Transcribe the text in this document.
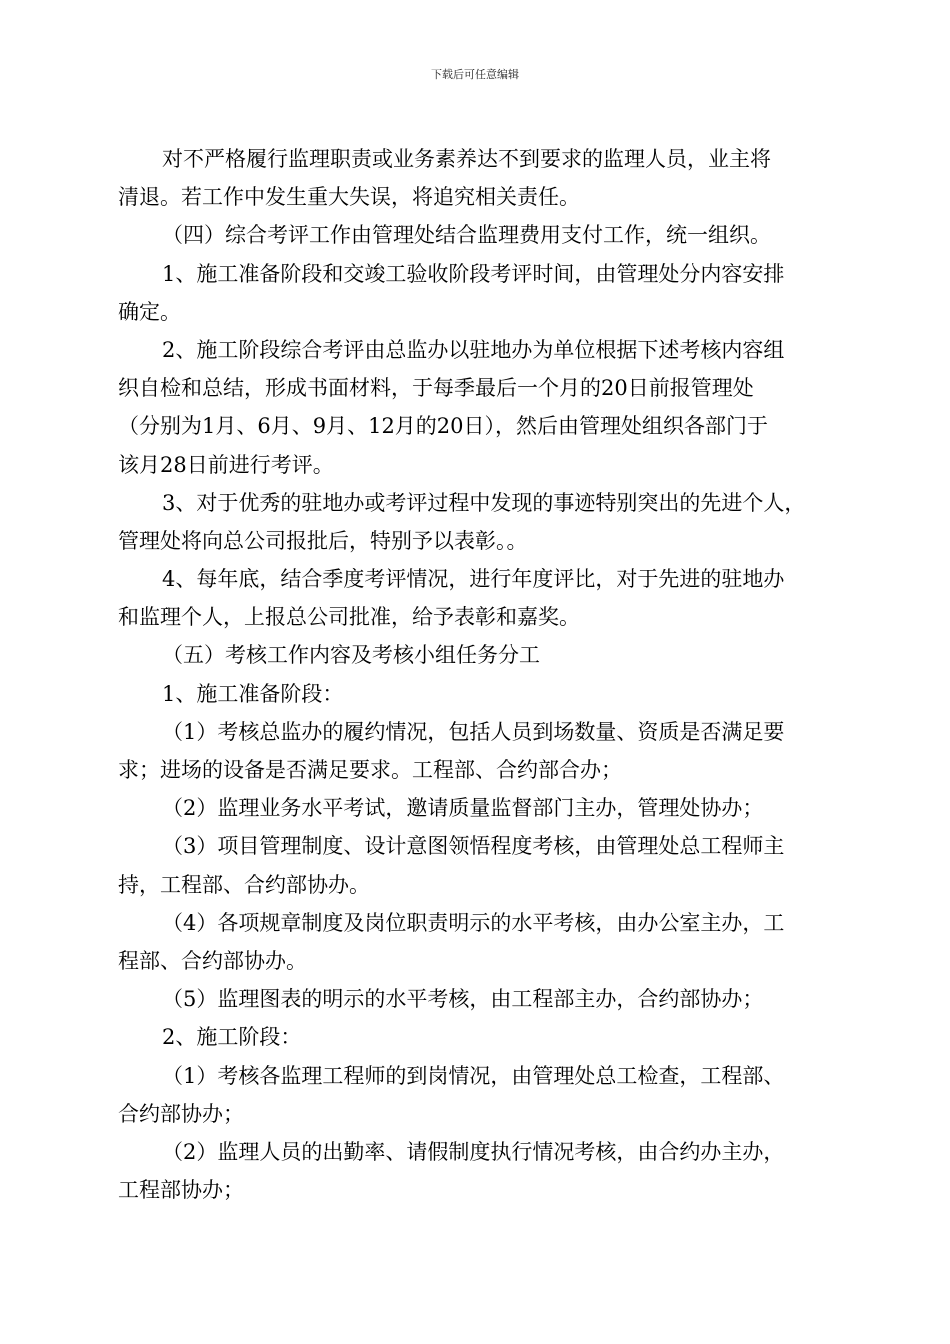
下载后可任意编辑
对不严格履行监理职责或业务素养达不到要求的监理人员，业主将
清退。若工作中发生重大失误，将追究相关责任。
（四）综合考评工作由管理处结合监理费用支付工作，统一组织。
1、施工准备阶段和交竣工验收阶段考评时间，由管理处分内容安排
确定。
2、施工阶段综合考评由总监办以驻地办为单位根据下述考核内容组
织自检和总结，形成书面材料，于每季最后一个月的20日前报管理处
（分别为1月、6月、9月、12月的20日），然后由管理处组织各部门于
该月28日前进行考评。
3、对于优秀的驻地办或考评过程中发现的事迹特别突出的先进个人，
管理处将向总公司报批后，特别予以表彰。。
4、每年底，结合季度考评情况，进行年度评比，对于先进的驻地办
和监理个人，上报总公司批准，给予表彰和嘉奖。
（五）考核工作内容及考核小组任务分工
1、施工准备阶段：
（1）考核总监办的履约情况，包括人员到场数量、资质是否满足要
求；进场的设备是否满足要求。工程部、合约部合办；
（2）监理业务水平考试，邀请质量监督部门主办，管理处协办；
（3）项目管理制度、设计意图领悟程度考核，由管理处总工程师主
持，工程部、合约部协办。
（4）各项规章制度及岗位职责明示的水平考核，由办公室主办，工
程部、合约部协办。
（5）监理图表的明示的水平考核，由工程部主办，合约部协办；
2、施工阶段：
（1）考核各监理工程师的到岗情况，由管理处总工检查，工程部、
合约部协办；
（2）监理人员的出勤率、请假制度执行情况考核，由合约办主办，
工程部协办；
